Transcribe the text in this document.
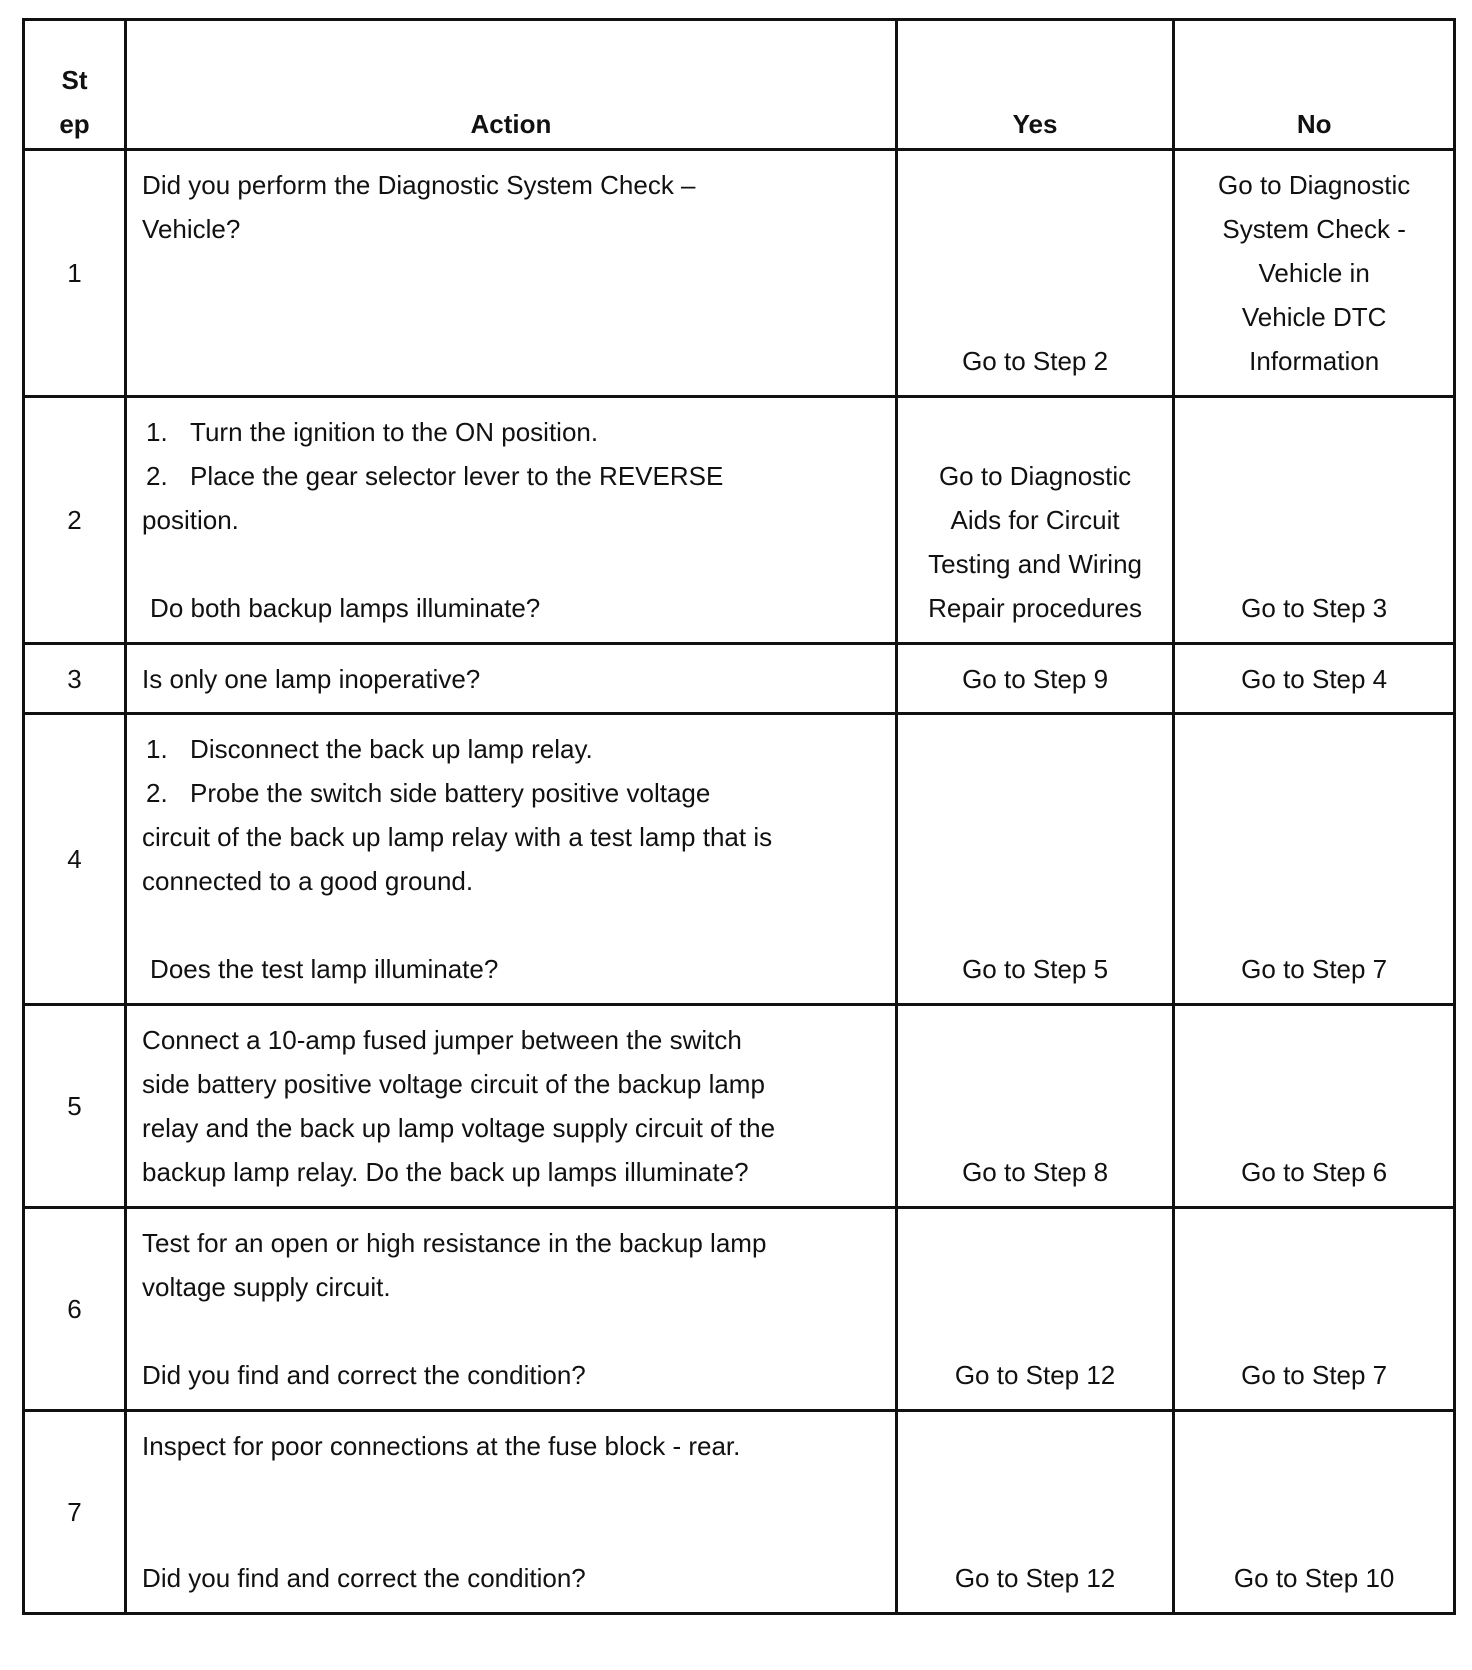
St
ep	Action	Yes	No
1	Did you perform the Diagnostic System Check –
Vehicle?	Go to Step 2	Go to Diagnostic
System Check -
Vehicle in
Vehicle DTC
Information

2	1. Turn the ignition to the ON position.
2. Place the gear selector lever to the REVERSE
position.

Do both backup lamps illuminate?	Go to Diagnostic
Aids for Circuit
Testing and Wiring
Repair procedures	Go to Step 3
3	Is only one lamp inoperative?	Go to Step 9	Go to Step 4
4	1. Disconnect the back up lamp relay.
2. Probe the switch side battery positive voltage
circuit of the back up lamp relay with a test lamp that is
connected to a good ground.

Does the test lamp illuminate?	Go to Step 5	Go to Step 7
5	Connect a 10-amp fused jumper between the switch
side battery positive voltage circuit of the backup lamp
relay and the back up lamp voltage supply circuit of the
backup lamp relay. Do the back up lamps illuminate?	Go to Step 8	Go to Step 6
6	Test for an open or high resistance in the backup lamp
voltage supply circuit.

Did you find and correct the condition?	Go to Step 12	Go to Step 7
7	Inspect for poor connections at the fuse block - rear.

Did you find and correct the condition?	Go to Step 12	Go to Step 10
